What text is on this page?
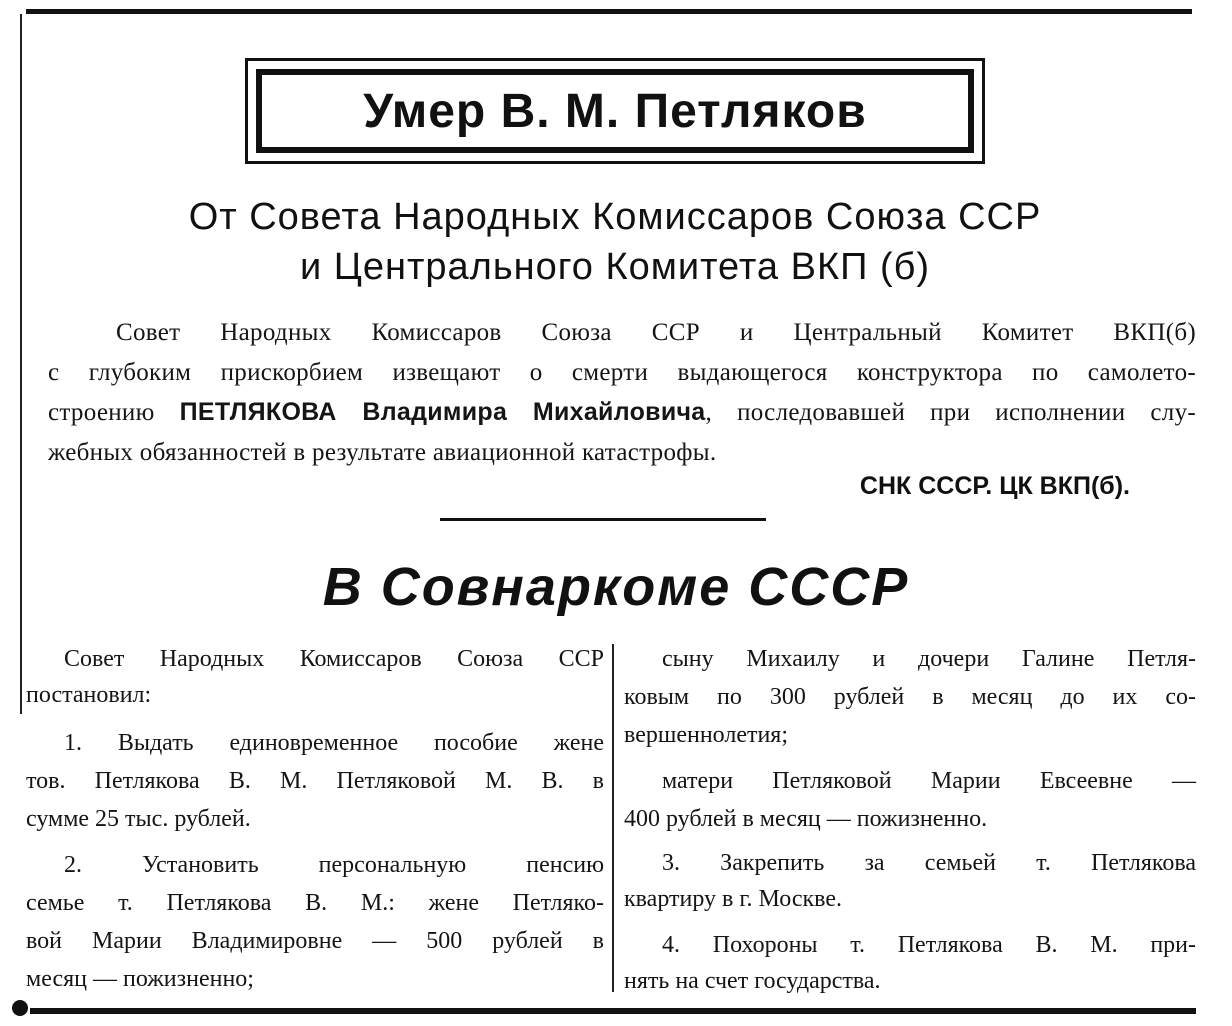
Умер В. М. Петляков
От Совета Народных Комиссаров Союза ССР
и Центрального Комитета ВКП (б)
Совет Народных Комиссаров Союза ССР и Центральный Комитет ВКП(б)
с глубоким прискорбием извещают о смерти выдающегося конструктора по самолето-
строению ПЕТЛЯКОВА Владимира Михайловича, последовавшей при исполнении слу-
жебных обязанностей в результате авиационной катастрофы.
СНК СССР. ЦК ВКП(б).
В Совнаркоме СССР
Совет Народных Комиссаров Союза ССР
постановил:
1. Выдать единовременное пособие жене
тов. Петлякова В. М. Петляковой М. В. в
сумме 25 тыс. рублей.
2. Установить персональную пенсию
семье т. Петлякова В. М.: жене Петляко-
вой Марии Владимировне — 500 рублей в
месяц — пожизненно;
сыну Михаилу и дочери Галине Петля-
ковым по 300 рублей в месяц до их со-
вершеннолетия;
матери Петляковой Марии Евсеевне —
400 рублей в месяц — пожизненно.
3. Закрепить за семьей т. Петлякова
квартиру в г. Москве.
4. Похороны т. Петлякова В. М. при-
нять на счет государства.
